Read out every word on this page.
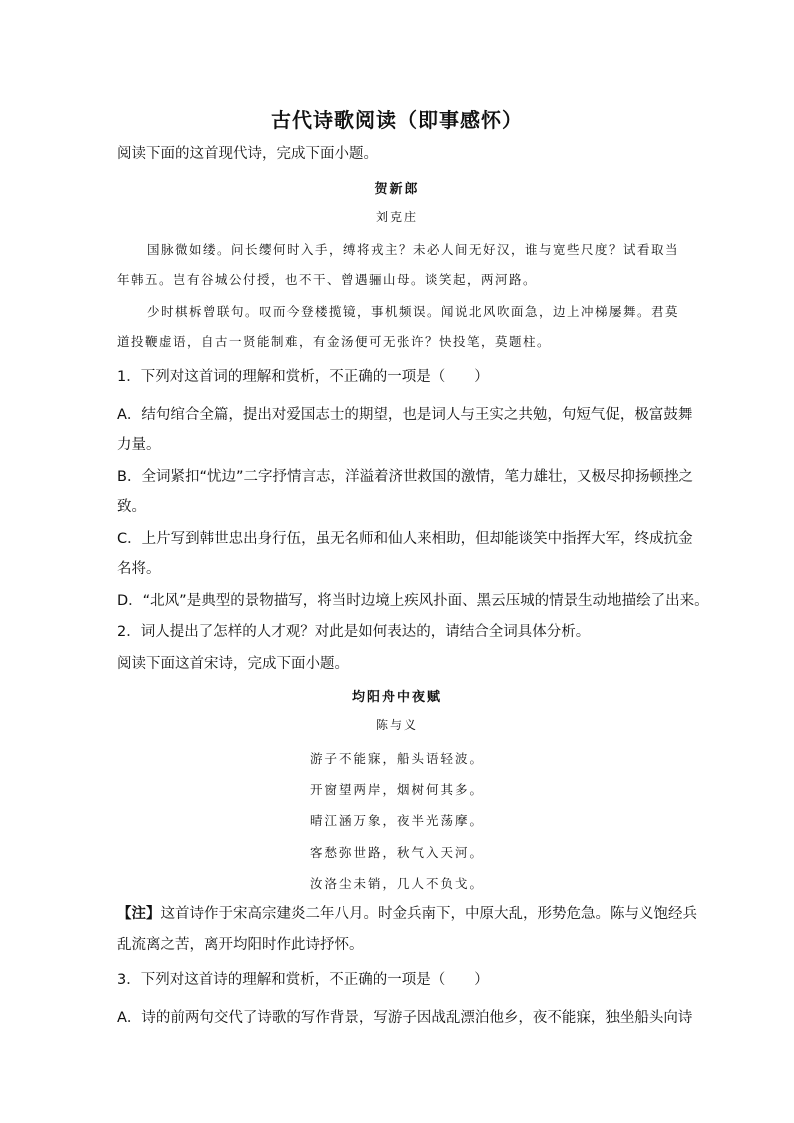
古代诗歌阅读（即事感怀）
阅读下面的这首现代诗，完成下面小题。
贺新郎
刘克庄
国脉微如缕。问长缨何时入手，缚将戎主？未必人间无好汉，谁与宽些尺度？试看取当
年韩五。岂有谷城公付授，也不干、曾遇骊山母。谈笑起，两河路。
少时棋柝曾联句。叹而今登楼揽镜，事机频误。闻说北风吹面急，边上冲梯屡舞。君莫
道投鞭虚语，自古一贤能制难，有金汤便可无张许？快投笔，莫题柱。
1．下列对这首词的理解和赏析，不正确的一项是（　　）
A．结句绾合全篇，提出对爱国志士的期望，也是词人与王实之共勉，句短气促，极富鼓舞
力量。
B．全词紧扣“忧边”二字抒情言志，洋溢着济世救国的激情，笔力雄壮，又极尽抑扬顿挫之
致。
C．上片写到韩世忠出身行伍，虽无名师和仙人来相助，但却能谈笑中指挥大军，终成抗金
名将。
D．“北风”是典型的景物描写，将当时边境上疾风扑面、黑云压城的情景生动地描绘了出来。
2．词人提出了怎样的人才观？对此是如何表达的，请结合全词具体分析。
阅读下面这首宋诗，完成下面小题。
均阳舟中夜赋
陈与义
游子不能寐，船头语轻波。
开窗望两岸，烟树何其多。
晴江涵万象，夜半光荡摩。
客愁弥世路，秋气入天河。
汝洛尘未销，几人不负戈。
【注】这首诗作于宋高宗建炎二年八月。时金兵南下，中原大乱，形势危急。陈与义饱经兵
乱流离之苦，离开均阳时作此诗抒怀。
3．下列对这首诗的理解和赏析，不正确的一项是（　　）
A．诗的前两句交代了诗歌的写作背景，写游子因战乱漂泊他乡，夜不能寐，独坐船头向诗
